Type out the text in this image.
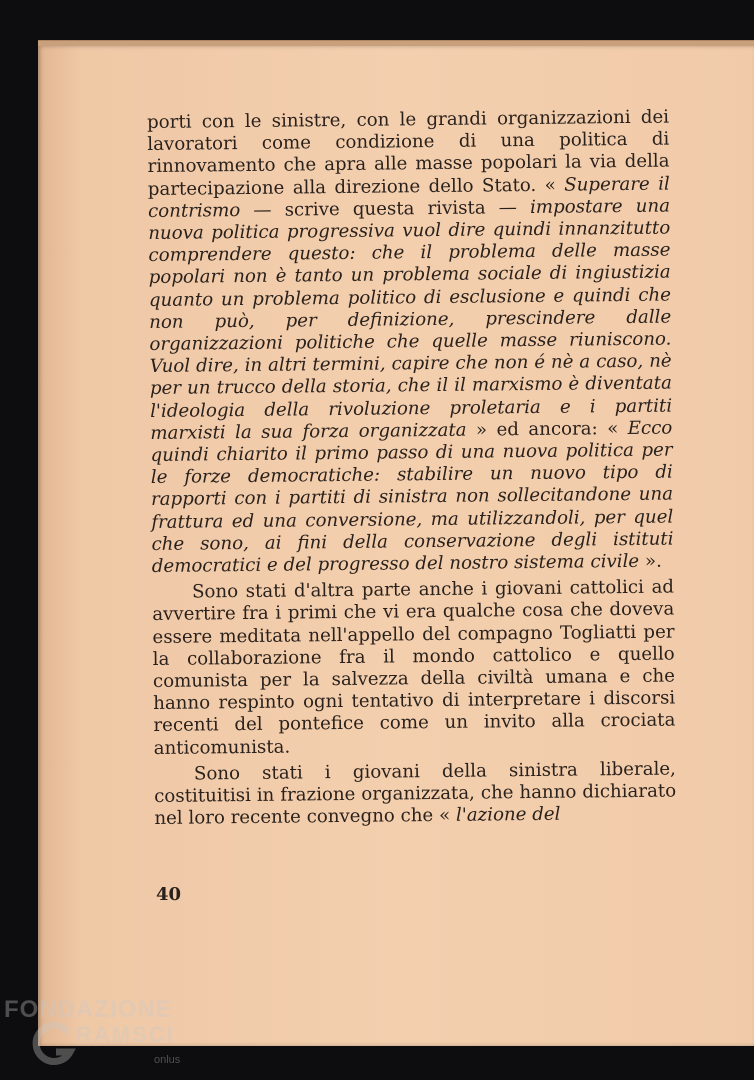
porti con le sinistre, con le grandi organizzazioni dei lavoratori come condizione di una politica di rinnovamento che apra alle masse popolari la via della partecipazione alla direzione dello Stato. « Superare il contrismo — scrive questa rivista — impostare una nuova politica progressiva vuol dire quindi innanzitutto comprendere questo: che il problema delle masse popolari non è tanto un problema sociale di ingiustizia quanto un problema politico di esclusione e quindi che non può, per definizione, prescindere dalle organizzazioni politiche che quelle masse riuniscono. Vuol dire, in altri termini, capire che non é nè a caso, nè per un trucco della storia, che il il marxismo è diventata l'ideologia della rivoluzione proletaria e i partiti marxisti la sua forza organizzata » ed ancora: « Ecco quindi chiarito il primo passo di una nuova politica per le forze democratiche: stabilire un nuovo tipo di rapporti con i partiti di sinistra non sollecitandone una frattura ed una conversione, ma utilizzandoli, per quel che sono, ai fini della conservazione degli istituti democratici e del progresso del nostro sistema civile ».

Sono stati d'altra parte anche i giovani cattolici ad avvertire fra i primi che vi era qualche cosa che doveva essere meditata nell'appello del compagno Togliatti per la collaborazione fra il mondo cattolico e quello comunista per la salvezza della civiltà umana e che hanno respinto ogni tentativo di interpretare i discorsi recenti del pontefice come un invito alla crociata anticomunista.

Sono stati i giovani della sinistra liberale, costituitisi in frazione organizzata, che hanno dichiarato nel loro recente convegno che « l'azione del

40
FONDAZIONE
RAMSCI
onlus
